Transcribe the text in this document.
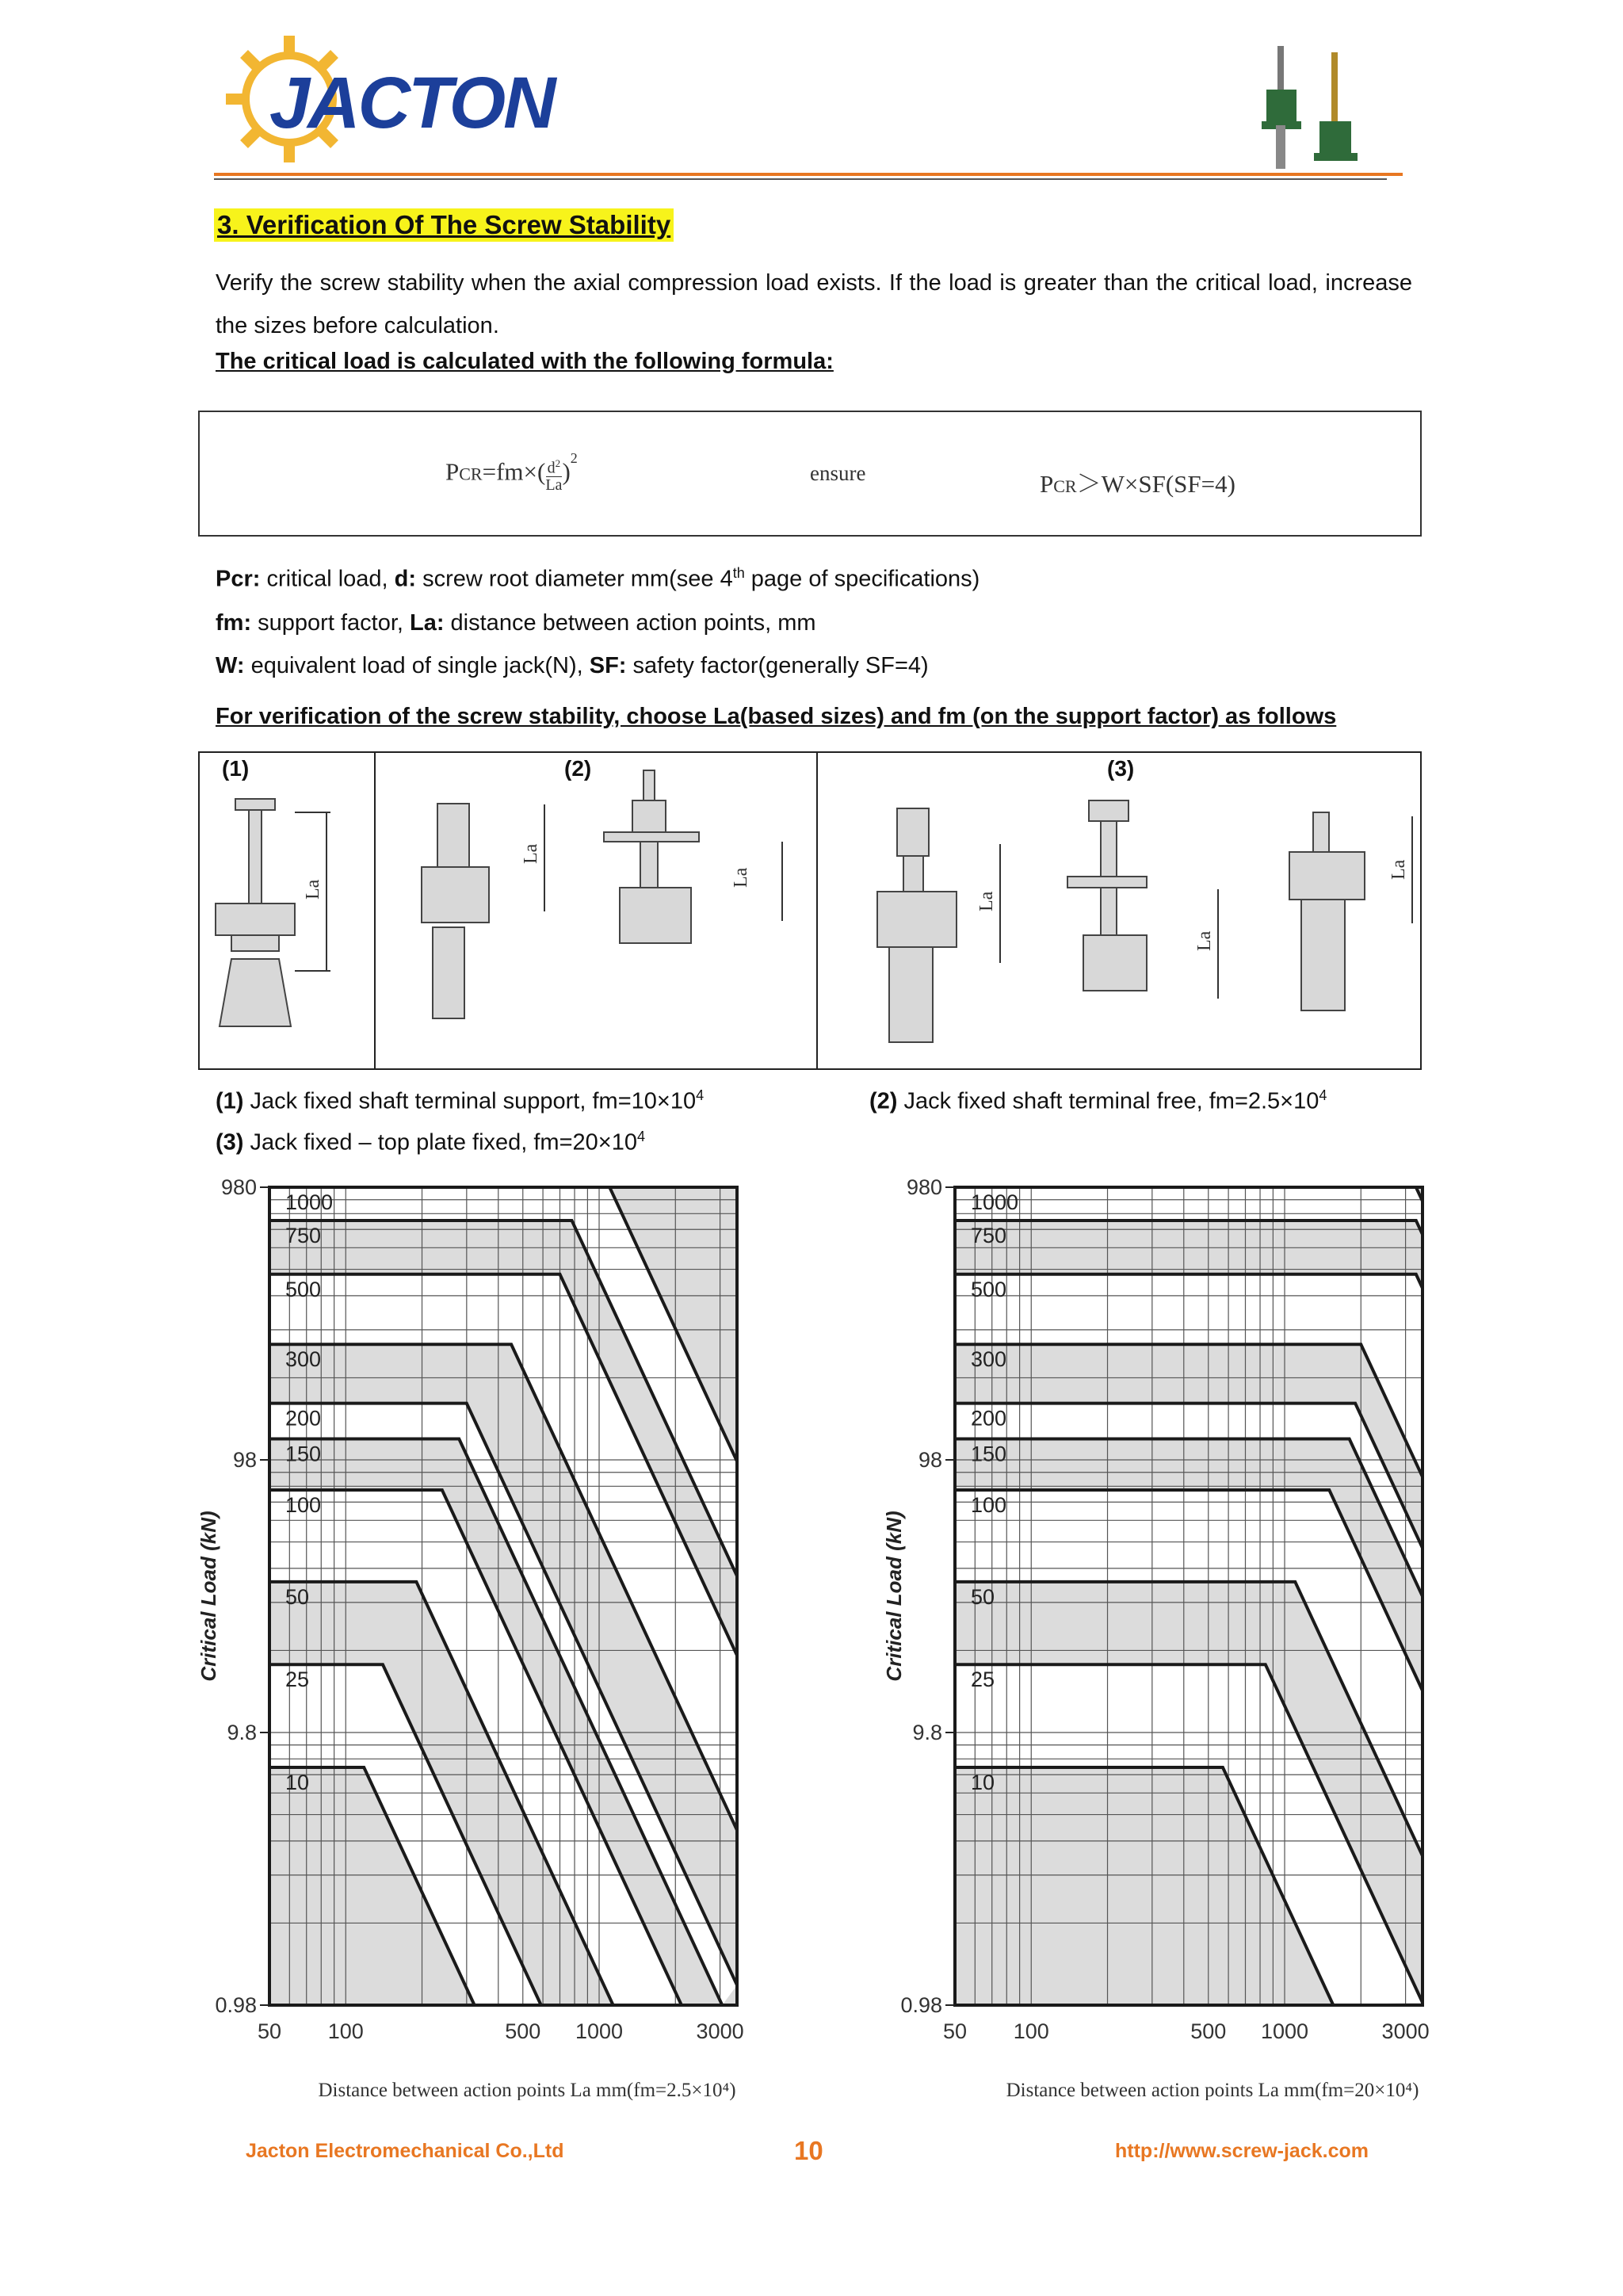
JACTON
3. Verification Of The Screw Stability
Verify the screw stability when the axial compression load exists. If the load is greater than the critical load, increase the sizes before calculation.
The critical load is calculated with the following formula:
$PCR=fm\times( \frac{d^2}{La} )^2$
ensure	PCR＞W×SF(SF=4)
Pcr: critical load, d: screw root diameter mm(see 4th page of specifications)
fm: support factor, La: distance between action points, mm
W: equivalent load of single jack(N), SF: safety factor(generally SF=4)
For verification of the screw stability, choose La(based sizes) and fm (on the support factor) as follows
(1)	(2)	(3)
La
La
La
La
La
La
(1) Jack fixed shaft terminal support, $fm=10\times 10^4$	(2) Jack fixed shaft terminal free, $fm=2.5\times 10^4$
(3) Jack fixed – top plate fixed, $fm=20\times 10^4$
1000
750
500
300
200
150
100
50
25
10
980
98
9.8
0.98
50 100	500 1000	3000
Critical Load (kN)
Distance between action points La mm(fm=2.5×10⁴)
1000
750
500
300
200
150
100
50
25
10
980
98
9.8
0.98
50 100	500 1000	3000
Critical Load (kN)
Distance between action points La mm(fm=20×10⁴)
Jacton Electromechanical Co.,Ltd	10	http://www.screw-jack.com
